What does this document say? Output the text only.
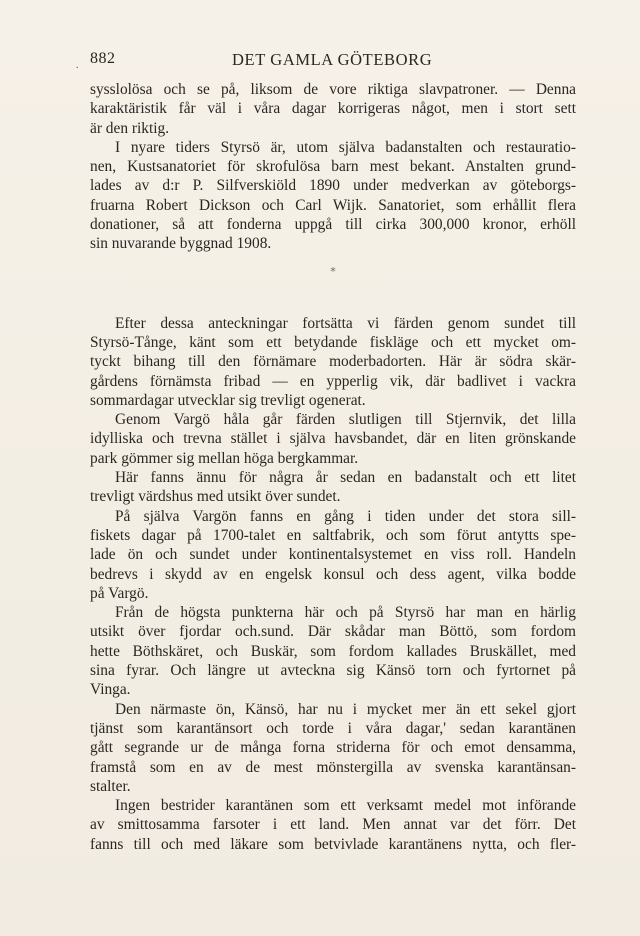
. 882	DET GAMLA GÖTEBORG
sysslolösa och se på, liksom de vore riktiga slavpatroner. — Denna
karaktäristik får väl i våra dagar korrigeras något, men i stort sett
är den riktig.
I nyare tiders Styrsö är, utom själva badanstalten och restauratio-
nen, Kustsanatoriet för skrofulösa barn mest bekant. Anstalten grund-
lades av d:r P. Silfverskiöld 1890 under medverkan av göteborgs-
fruarna Robert Dickson och Carl Wijk. Sanatoriet, som erhållit flera
donationer, så att fonderna uppgå till cirka 300,000 kronor, erhöll
sin nuvarande byggnad 1908.
*
Efter dessa anteckningar fortsätta vi färden genom sundet till
Styrsö-Tånge, känt som ett betydande fiskläge och ett mycket om-
tyckt bihang till den förnämare moderbadorten. Här är södra skär-
gårdens förnämsta fribad — en ypperlig vik, där badlivet i vackra
sommardagar utvecklar sig trevligt ogenerat.
Genom Vargö håla går färden slutligen till Stjernvik, det lilla
idylliska och trevna stället i själva havsbandet, där en liten grönskande
park gömmer sig mellan höga bergkammar.
Här fanns ännu för några år sedan en badanstalt och ett litet
trevligt värdshus med utsikt över sundet.
På själva Vargön fanns en gång i tiden under det stora sill-
fiskets dagar på 1700-talet en saltfabrik, och som förut antytts spe-
lade ön och sundet under kontinentalsystemet en viss roll. Handeln
bedrevs i skydd av en engelsk konsul och dess agent, vilka bodde
på Vargö.
Från de högsta punkterna här och på Styrsö har man en härlig
utsikt över fjordar och.sund. Där skådar man Böttö, som fordom
hette Böthskäret, och Buskär, som fordom kallades Bruskället, med
sina fyrar. Och längre ut avteckna sig Känsö torn och fyrtornet på
Vinga.
Den närmaste ön, Känsö, har nu i mycket mer än ett sekel gjort
tjänst som karantänsort och torde i våra dagar,' sedan karantänen
gått segrande ur de många forna striderna för och emot densamma,
framstå som en av de mest mönstergilla av svenska karantänsan-
stalter.
Ingen bestrider karantänen som ett verksamt medel mot införande
av smittosamma farsoter i ett land. Men annat var det förr. Det
fanns till och med läkare som betvivlade karantänens nytta, och fler-
